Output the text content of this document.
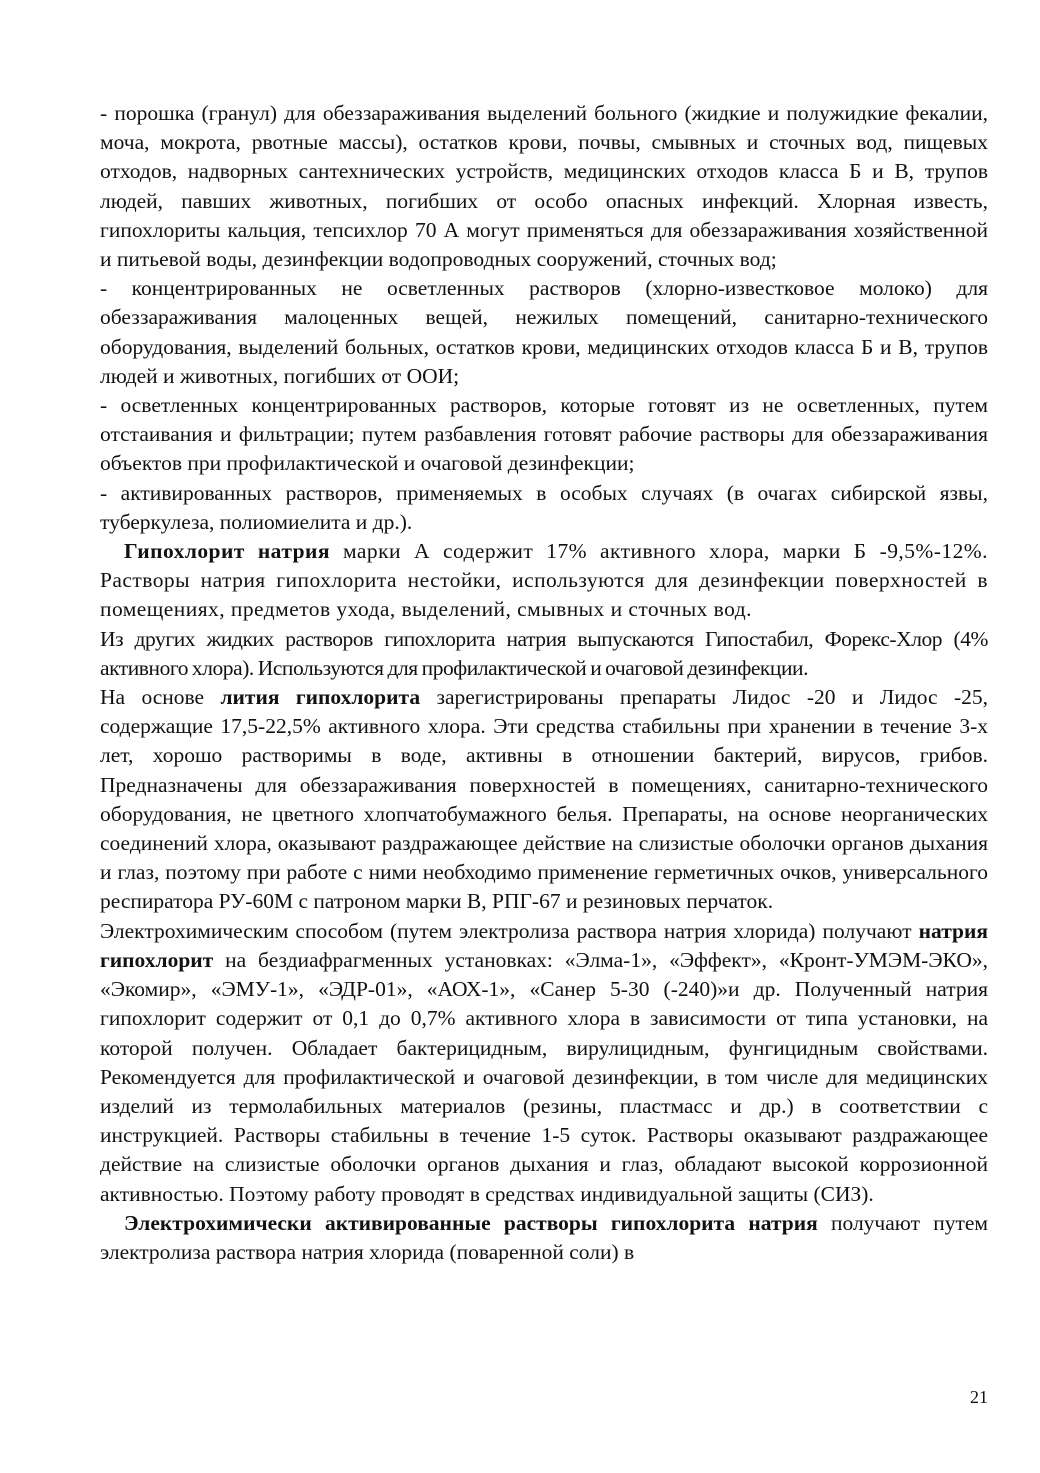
- порошка (гранул) для обеззараживания выделений больного (жидкие и полужидкие фекалии, моча, мокрота, рвотные массы), остатков крови, почвы, смывных и сточных вод, пищевых отходов, надворных сантехнических устройств, медицинских отходов класса Б и В, трупов людей, павших животных, погибших от особо опасных инфекций. Хлорная известь, гипохлориты кальция, тепсихлор 70 А могут применяться для обеззараживания хозяйственной и питьевой воды, дезинфекции водопроводных сооружений, сточных вод;

- концентрированных не осветленных растворов (хлорно-известковое молоко) для обеззараживания малоценных вещей, нежилых помещений, санитарно-технического оборудования, выделений больных, остатков крови, медицинских отходов класса Б и В, трупов людей и животных, погибших от ООИ;

- осветленных концентрированных растворов, которые готовят из не осветленных, путем отстаивания и фильтрации; путем разбавления готовят рабочие растворы для обеззараживания объектов при профилактической и очаговой дезинфекции;

- активированных растворов, применяемых в особых случаях (в очагах сибирской язвы, туберкулеза, полиомиелита и др.).

Гипохлорит натрия марки А содержит 17% активного хлора, марки Б -9,5%-12%. Растворы натрия гипохлорита нестойки, используются для дезинфекции поверхностей в помещениях, предметов ухода, выделений, смывных и сточных вод.

Из других жидких растворов гипохлорита натрия выпускаются Гипостабил, Форекс-Хлор (4% активного хлора). Используются для профилактической и очаговой дезинфекции.

На основе лития гипохлорита зарегистрированы препараты Лидос -20 и Лидос -25, содержащие 17,5-22,5% активного хлора. Эти средства стабильны при хранении в течение 3-х лет, хорошо растворимы в воде, активны в отношении бактерий, вирусов, грибов. Предназначены для обеззараживания поверхностей в помещениях, санитарно-технического оборудования, не цветного хлопчатобумажного белья. Препараты, на основе неорганических соединений хлора, оказывают раздражающее действие на слизистые оболочки органов дыхания и глаз, поэтому при работе с ними необходимо применение герметичных очков, универсального респиратора РУ-60М с патроном марки В, РПГ-67 и резиновых перчаток.

Электрохимическим способом (путем электролиза раствора натрия хлорида) получают натрия гипохлорит на бездиафрагменных установках: «Элма-1», «Эффект», «Кронт-УМЭМ-ЭКО», «Экомир», «ЭМУ-1», «ЭДР-01», «АОХ-1», «Санер 5-30 (-240)»и др. Полученный натрия гипохлорит содержит от 0,1 до 0,7% активного хлора в зависимости от типа установки, на которой получен. Обладает бактерицидным, вирулицидным, фунгицидным свойствами. Рекомендуется для профилактической и очаговой дезинфекции, в том числе для медицинских изделий из термолабильных материалов (резины, пластмасс и др.) в соответствии с инструкцией. Растворы стабильны в течение 1-5 суток. Растворы оказывают раздражающее действие на слизистые оболочки органов дыхания и глаз, обладают высокой коррозионной активностью. Поэтому работу проводят в средствах индивидуальной защиты (СИЗ).

Электрохимически активированные растворы гипохлорита натрия получают путем электролиза раствора натрия хлорида (поваренной соли) в

21
